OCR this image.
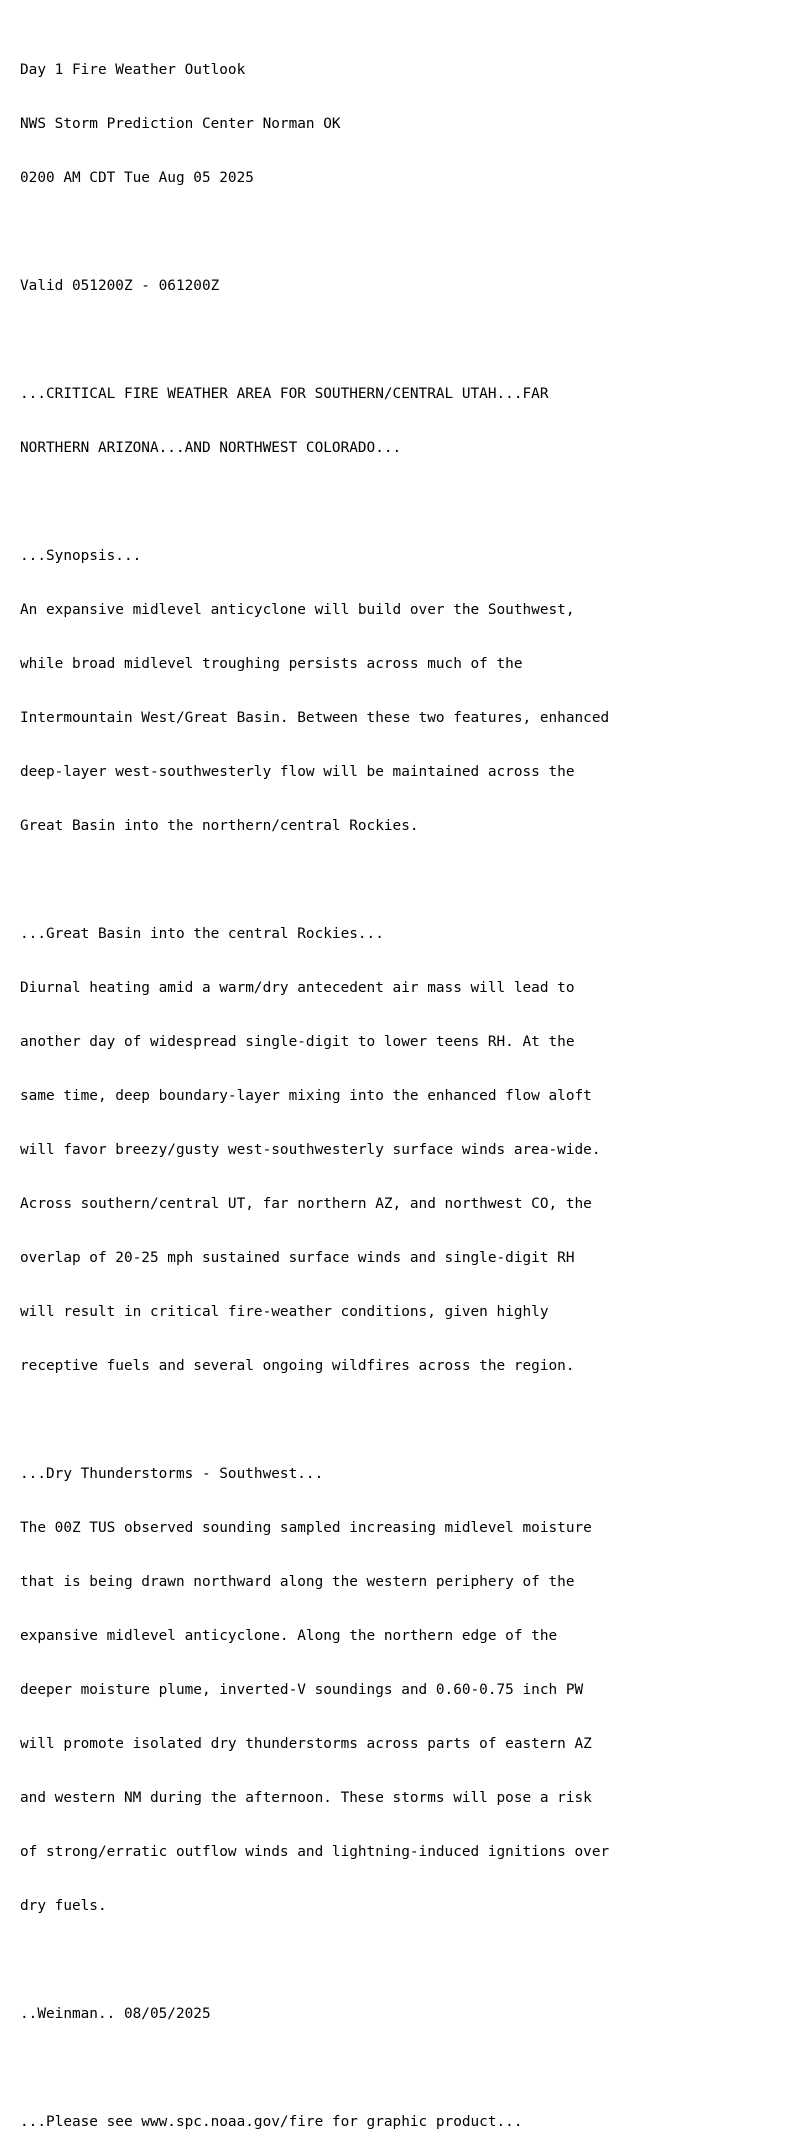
Day 1 Fire Weather Outlook

NWS Storm Prediction Center Norman OK

0200 AM CDT Tue Aug 05 2025

Valid 051200Z - 061200Z

...CRITICAL FIRE WEATHER AREA FOR SOUTHERN/CENTRAL UTAH...FAR

NORTHERN ARIZONA...AND NORTHWEST COLORADO...

...Synopsis...

An expansive midlevel anticyclone will build over the Southwest,

while broad midlevel troughing persists across much of the

Intermountain West/Great Basin. Between these two features, enhanced

deep-layer west-southwesterly flow will be maintained across the

Great Basin into the northern/central Rockies.

...Great Basin into the central Rockies...

Diurnal heating amid a warm/dry antecedent air mass will lead to

another day of widespread single-digit to lower teens RH. At the

same time, deep boundary-layer mixing into the enhanced flow aloft

will favor breezy/gusty west-southwesterly surface winds area-wide.

Across southern/central UT, far northern AZ, and northwest CO, the

overlap of 20-25 mph sustained surface winds and single-digit RH

will result in critical fire-weather conditions, given highly

receptive fuels and several ongoing wildfires across the region.

...Dry Thunderstorms - Southwest...

The 00Z TUS observed sounding sampled increasing midlevel moisture

that is being drawn northward along the western periphery of the

expansive midlevel anticyclone. Along the northern edge of the

deeper moisture plume, inverted-V soundings and 0.60-0.75 inch PW

will promote isolated dry thunderstorms across parts of eastern AZ

and western NM during the afternoon. These storms will pose a risk

of strong/erratic outflow winds and lightning-induced ignitions over

dry fuels.

..Weinman.. 08/05/2025

...Please see www.spc.noaa.gov/fire for graphic product...
